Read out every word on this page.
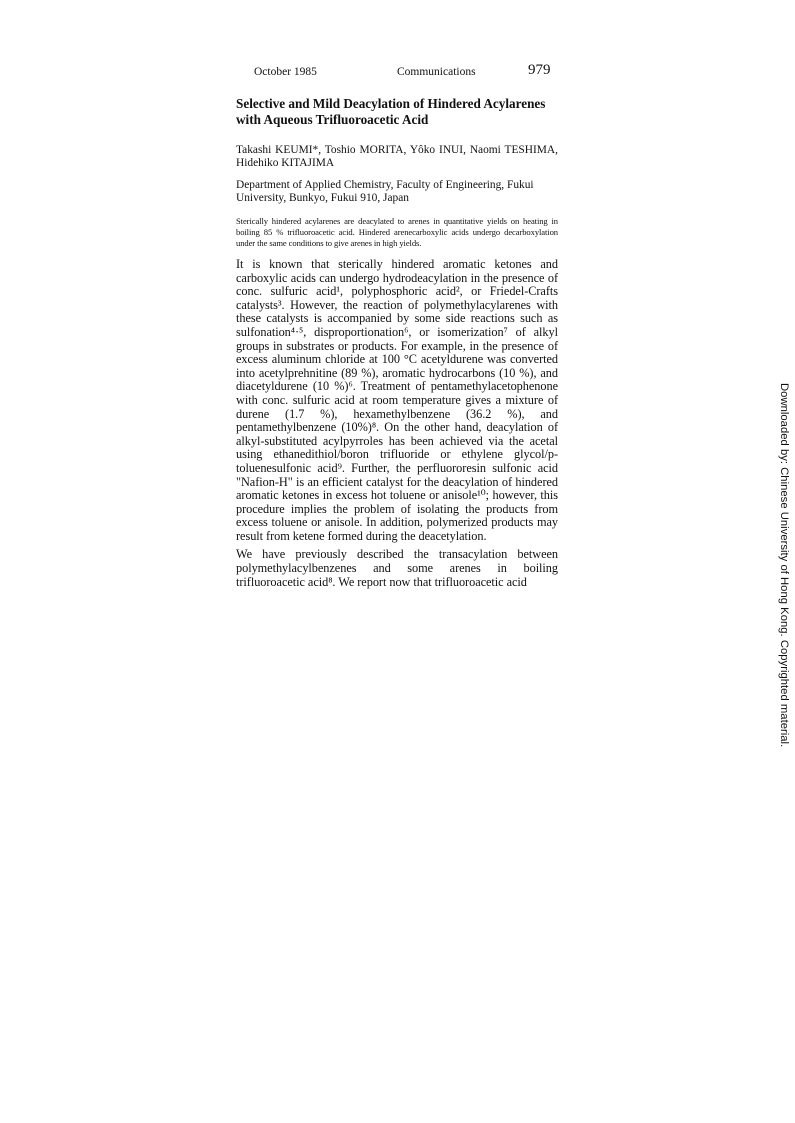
October 1985	Communications	979
Selective and Mild Deacylation of Hindered Acylarenes
with Aqueous Trifluoroacetic Acid
Takashi KEUMI*, Toshio MORITA, Yôko INUI, Naomi TESHIMA, Hidehiko KITAJIMA
Department of Applied Chemistry, Faculty of Engineering, Fukui University, Bunkyo, Fukui 910, Japan
Sterically hindered acylarenes are deacylated to arenes in quantitative yields on heating in boiling 85 % trifluoroacetic acid. Hindered arenecarboxylic acids undergo decarboxylation under the same conditions to give arenes in high yields.

It is known that sterically hindered aromatic ketones and carboxylic acids can undergo hydrodeacylation in the presence of conc. sulfuric acid¹, polyphosphoric acid², or Friedel-Crafts catalysts³. However, the reaction of polymethylacylarenes with these catalysts is accompanied by some side reactions such as sulfonation⁴·⁵, disproportionation⁶, or isomerization⁷ of alkyl groups in substrates or products. For example, in the presence of excess aluminum chloride at 100 °C acetyldurene was converted into acetylprehnitine (89 %), aromatic hydrocarbons (10 %), and diacetyldurene (10 %)⁶. Treatment of pentamethylacetophenone with conc. sulfuric acid at room temperature gives a mixture of durene (1.7 %), hexamethylbenzene (36.2 %), and pentamethylbenzene (10%)⁸. On the other hand, deacylation of alkyl-substituted acylpyrroles has been achieved via the acetal using ethanedithiol/boron trifluoride or ethylene glycol/p-toluenesulfonic acid⁹. Further, the perfluororesin sulfonic acid "Nafion-H" is an efficient catalyst for the deacylation of hindered aromatic ketones in excess hot toluene or anisole¹⁰; however, this procedure implies the problem of isolating the products from excess toluene or anisole. In addition, polymerized products may result from ketene formed during the deacetylation.

We have previously described the transacylation between polymethylacylbenzenes and some arenes in boiling trifluoroacetic acid⁸. We report now that trifluoroacetic acid	Downloaded by: Chinese University of Hong Kong. Copyrighted material.
